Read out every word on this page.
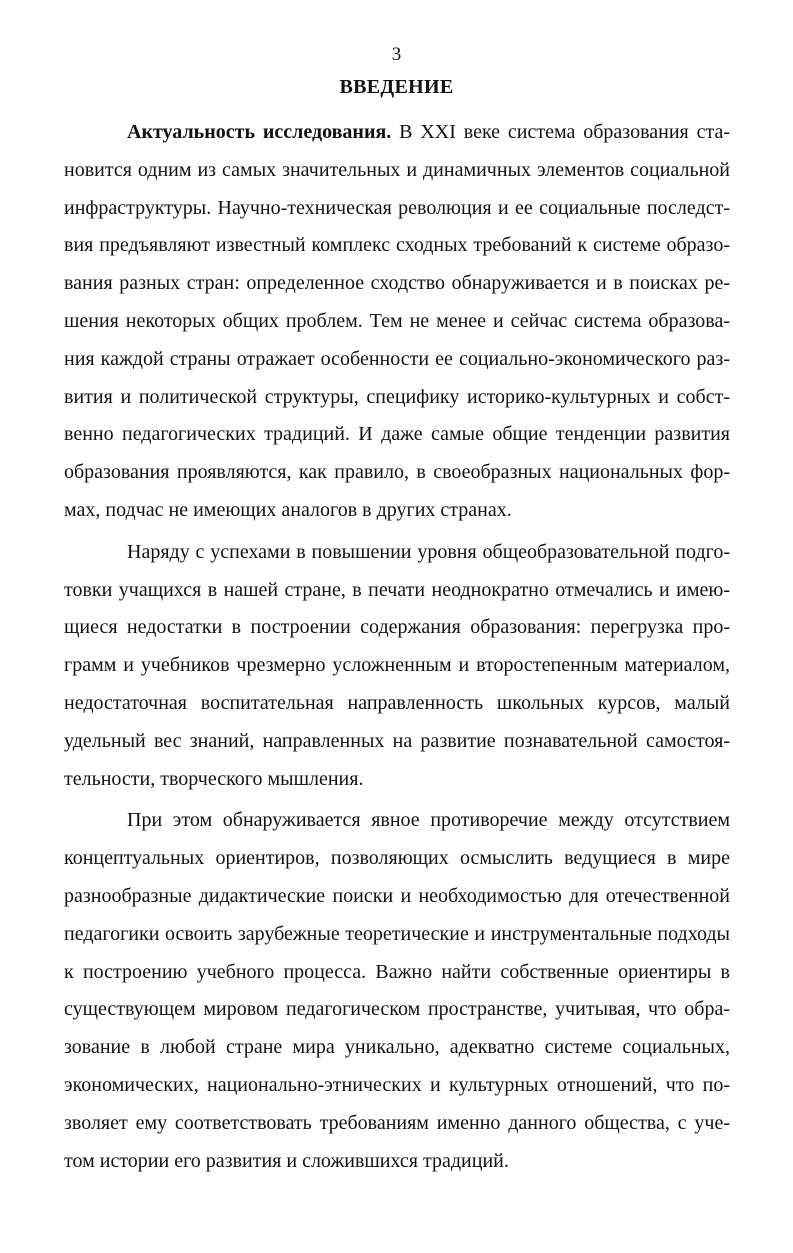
3
ВВЕДЕНИЕ

Актуальность исследования. В XXI веке система образования становится одним из самых значительных и динамичных элементов социальной инфраструктуры. Научно-техническая революция и ее социальные последствия предъявляют известный комплекс сходных требований к системе образования разных стран: определенное сходство обнаруживается и в поисках решения некоторых общих проблем. Тем не менее и сейчас система образования каждой страны отражает особенности ее социально-экономического развития и политической структуры, специфику историко-культурных и собственно педагогических традиций. И даже самые общие тенденции развития образования проявляются, как правило, в своеобразных национальных формах, подчас не имеющих аналогов в других странах.

Наряду с успехами в повышении уровня общеобразовательной подготовки учащихся в нашей стране, в печати неоднократно отмечались и имеющиеся недостатки в построении содержания образования: перегрузка программ и учебников чрезмерно усложненным и второстепенным материалом, недостаточная воспитательная направленность школьных курсов, малый удельный вес знаний, направленных на развитие познавательной самостоятельности, творческого мышления.

При этом обнаруживается явное противоречие между отсутствием концептуальных ориентиров, позволяющих осмыслить ведущиеся в мире разнообразные дидактические поиски и необходимостью для отечественной педагогики освоить зарубежные теоретические и инструментальные подходы к построению учебного процесса. Важно найти собственные ориентиры в существующем мировом педагогическом пространстве, учитывая, что образование в любой стране мира уникально, адекватно системе социальных, экономических, национально-этнических и культурных отношений, что позволяет ему соответствовать требованиям именно данного общества, с учетом истории его развития и сложившихся традиций.
